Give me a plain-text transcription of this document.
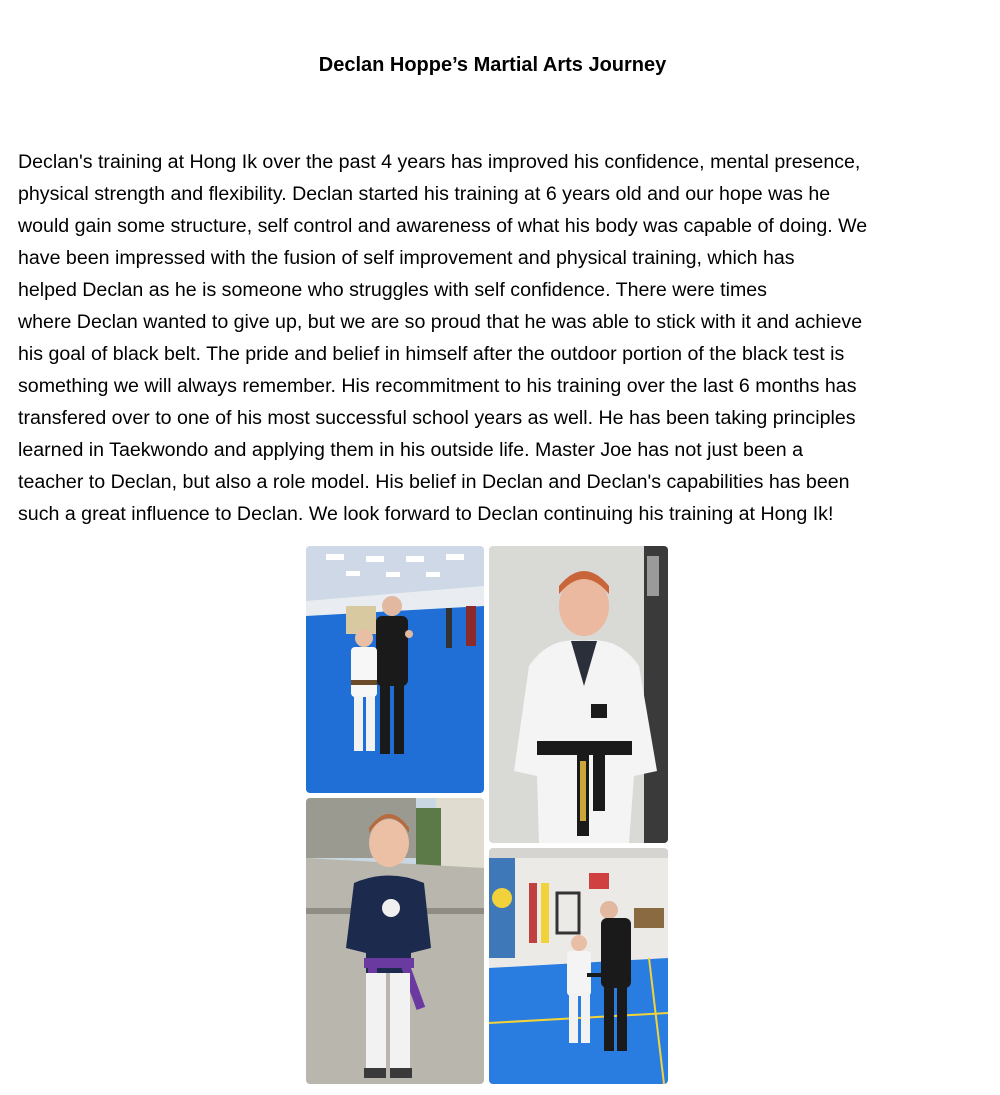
Declan Hoppe’s Martial Arts Journey

Declan's training at Hong Ik over the past 4 years has improved his confidence, mental presence,
physical strength and flexibility. Declan started his training at 6 years old and our hope was he
would gain some structure, self control and awareness of what his body was capable of doing. We
have been impressed with the fusion of self improvement and physical training, which has
helped Declan as he is someone who struggles with self confidence. There were times
where Declan wanted to give up, but we are so proud that he was able to stick with it and achieve
his goal of black belt. The pride and belief in himself after the outdoor portion of the black test is
something we will always remember. His recommitment to his training over the last 6 months has
transfered over to one of his most successful school years as well. He has been taking principles
learned in Taekwondo and applying them in his outside life. Master Joe has not just been a
teacher to Declan, but also a role model. His belief in Declan and Declan's capabilities has been
such a great influence to Declan. We look forward to Declan continuing his training at Hong Ik!
